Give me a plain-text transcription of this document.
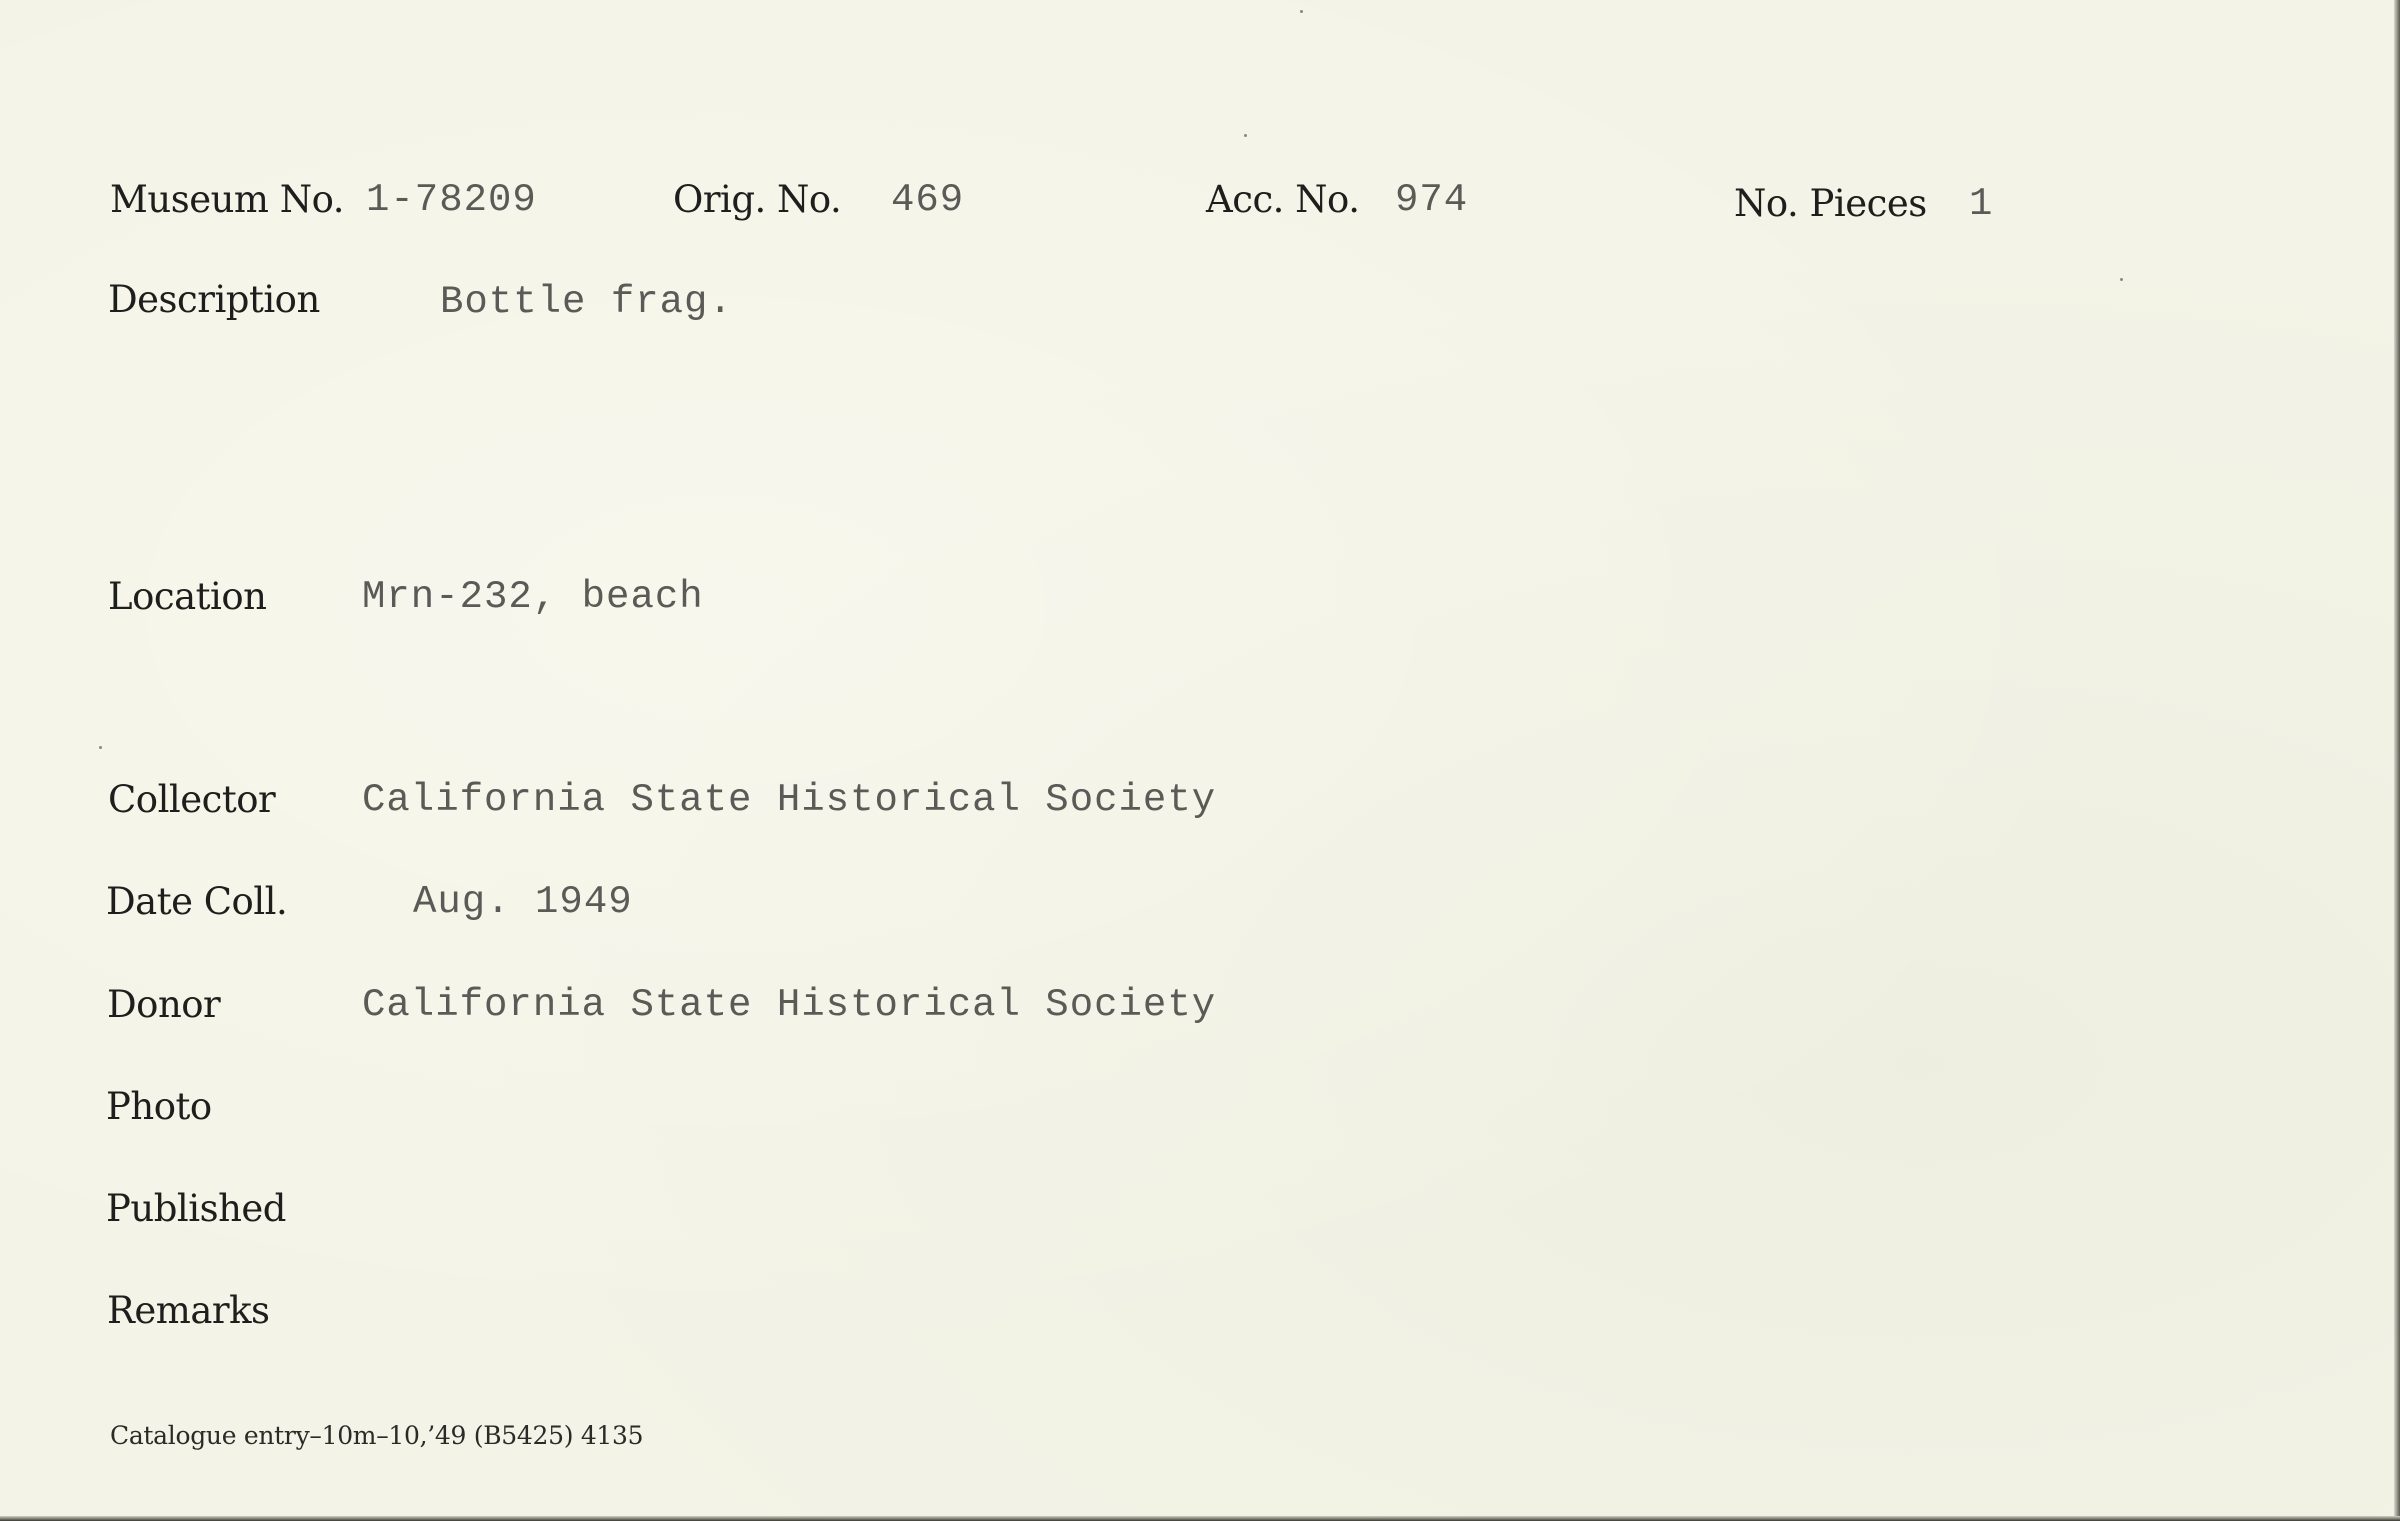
Museum No. 1-78209	Orig. No. 469	Acc. No. 974	No. Pieces 1
Description	Bottle frag.
Location Mrn-232, beach
Collector California State Historical Society
Date Coll.	Aug. 1949
Donor	California State Historical Society
Photo
Published
Remarks
Catalogue entry–10m–10,’49 (B5425) 4135
